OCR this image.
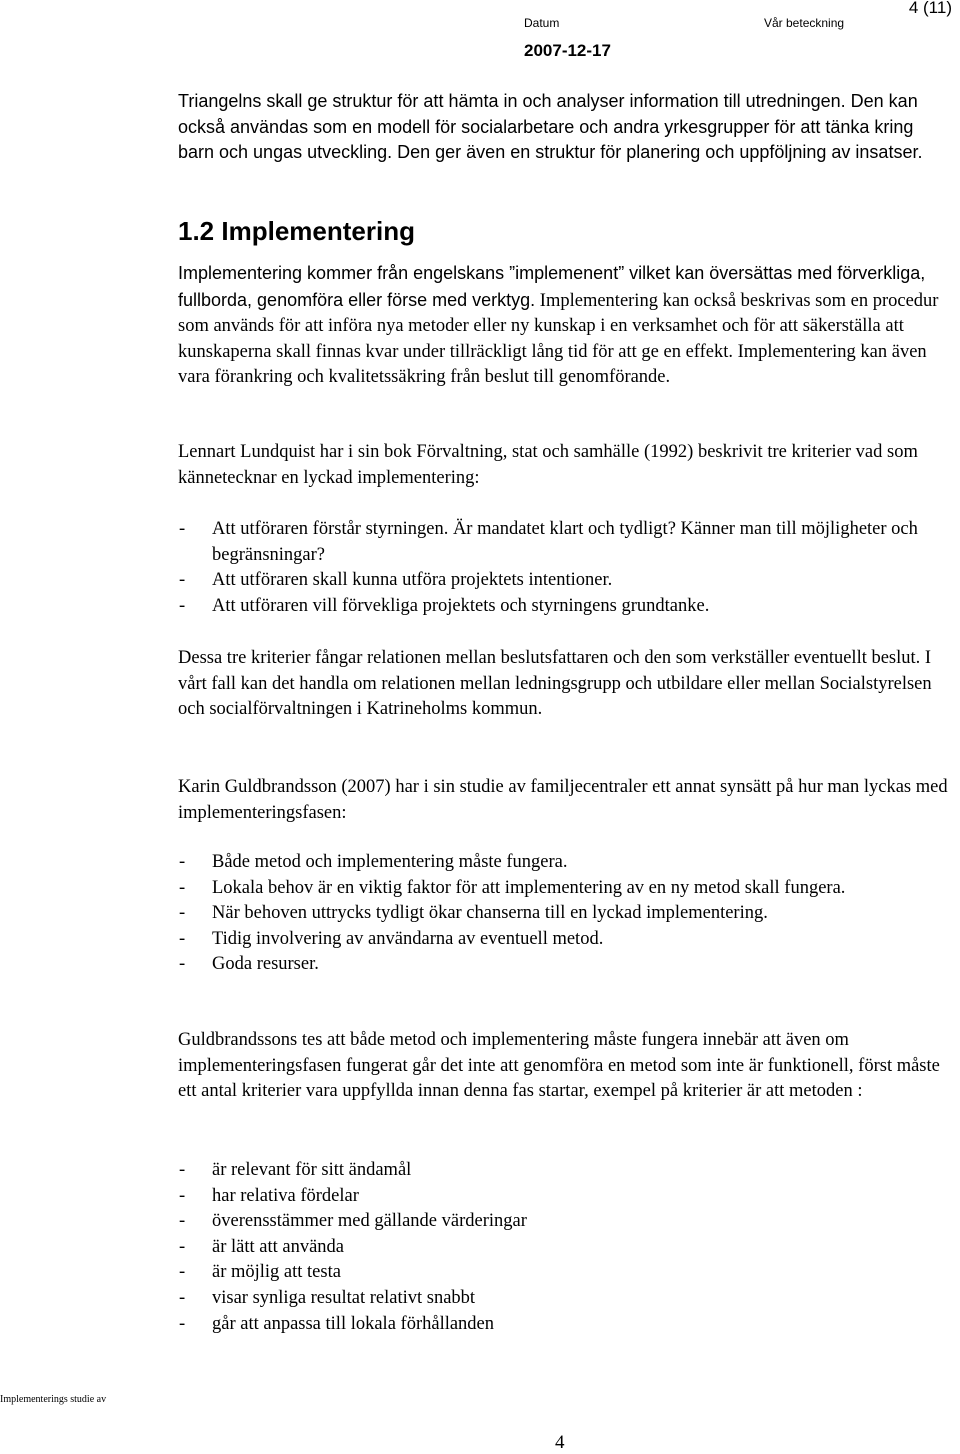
4 (11)
Datum	Vår beteckning
2007-12-17

Triangelns skall ge struktur för att hämta in och analyser information till utredningen. Den kan också användas som en modell för socialarbetare och andra yrkesgrupper för att tänka kring barn och ungas utveckling. Den ger även en struktur för planering och uppföljning av insatser.

1.2 Implementering

Implementering kommer från engelskans ”implemenent” vilket kan översättas med förverkliga, fullborda, genomföra eller förse med verktyg. Implementering kan också beskrivas som en procedur som används för att införa nya metoder eller ny kunskap i en verksamhet och för att säkerställa att kunskaperna skall finnas kvar under tillräckligt lång tid för att ge en effekt. Implementering kan även vara förankring och kvalitetssäkring från beslut till genomförande.

Lennart Lundquist har i sin bok Förvaltning, stat och samhälle (1992) beskrivit tre kriterier vad som kännetecknar en lyckad implementering:

- Att utföraren förstår styrningen. Är mandatet klart och tydligt? Känner man till möjligheter och begränsningar?
- Att utföraren skall kunna utföra projektets intentioner.
- Att utföraren vill förvekliga projektets och styrningens grundtanke.

Dessa tre kriterier fångar relationen mellan beslutsfattaren och den som verkställer eventuellt beslut. I vårt fall kan det handla om relationen mellan ledningsgrupp och utbildare eller mellan Socialstyrelsen och socialförvaltningen i Katrineholms kommun.

Karin Guldbrandsson (2007) har i sin studie av familjecentraler ett annat synsätt på hur man lyckas med implementeringsfasen:

- Både metod och implementering måste fungera.
- Lokala behov är en viktig faktor för att implementering av en ny metod skall fungera.
- När behoven uttrycks tydligt ökar chanserna till en lyckad implementering.
- Tidig involvering av användarna av eventuell metod.
- Goda resurser.

Guldbrandssons tes att både metod och implementering måste fungera innebär att även om implementeringsfasen fungerat går det inte att genomföra en metod som inte är funktionell, först måste ett antal kriterier vara uppfyllda innan denna fas startar, exempel på kriterier är att metoden :

- är relevant för sitt ändamål
- har relativa fördelar
- överensstämmer med gällande värderingar
- är lätt att använda
- är möjlig att testa
- visar synliga resultat relativt snabbt
- går att anpassa till lokala förhållanden
Implementerings studie av
4
